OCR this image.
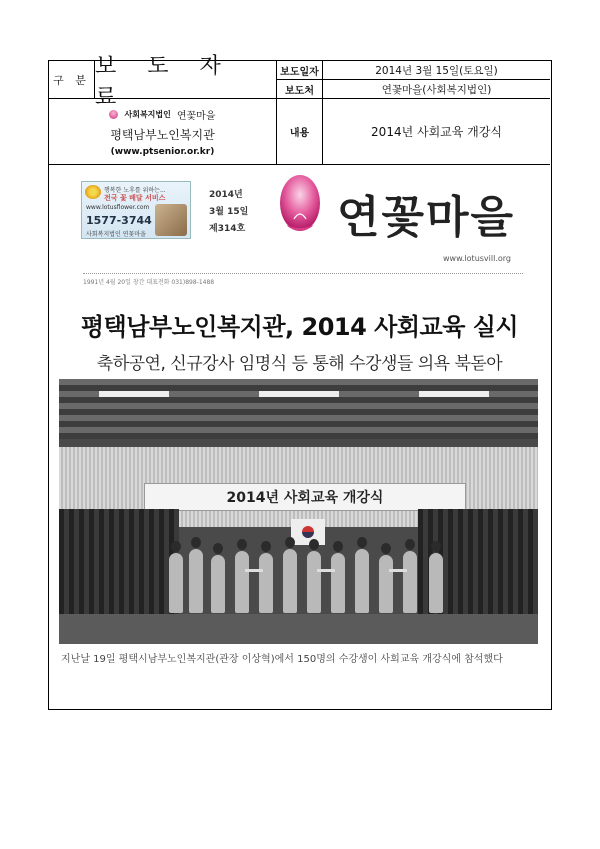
구 분
보 도 자 료
보도일자	2014년 3월 15일(토요일)
보도처	연꽃마을(사회복지법인)
사회복지법인 연꽃마을
평택남부노인복지관
(www.ptsenior.or.kr)
내용	2014년 사회교육 개강식
행복한 노후를 위하는...
전국 꽃 배달 서비스
www.lotusflower.com
1577-3744
사회복지법인 연꽃마을
2014년
3월 15일
제314호 연꽃마을
www.lotusvill.org
1991년 4월 20일 창간 대표전화 031)898-1488
평택남부노인복지관, 2014 사회교육 실시
축하공연, 신규강사 임명식 등 통해 수강생들 의욕 북돋아
2014년 사회교육 개강식
지난날 19일 평택시남부노인복지관(관장 이상혁)에서 150명의 수강생이 사회교육 개강식에 참석했다
